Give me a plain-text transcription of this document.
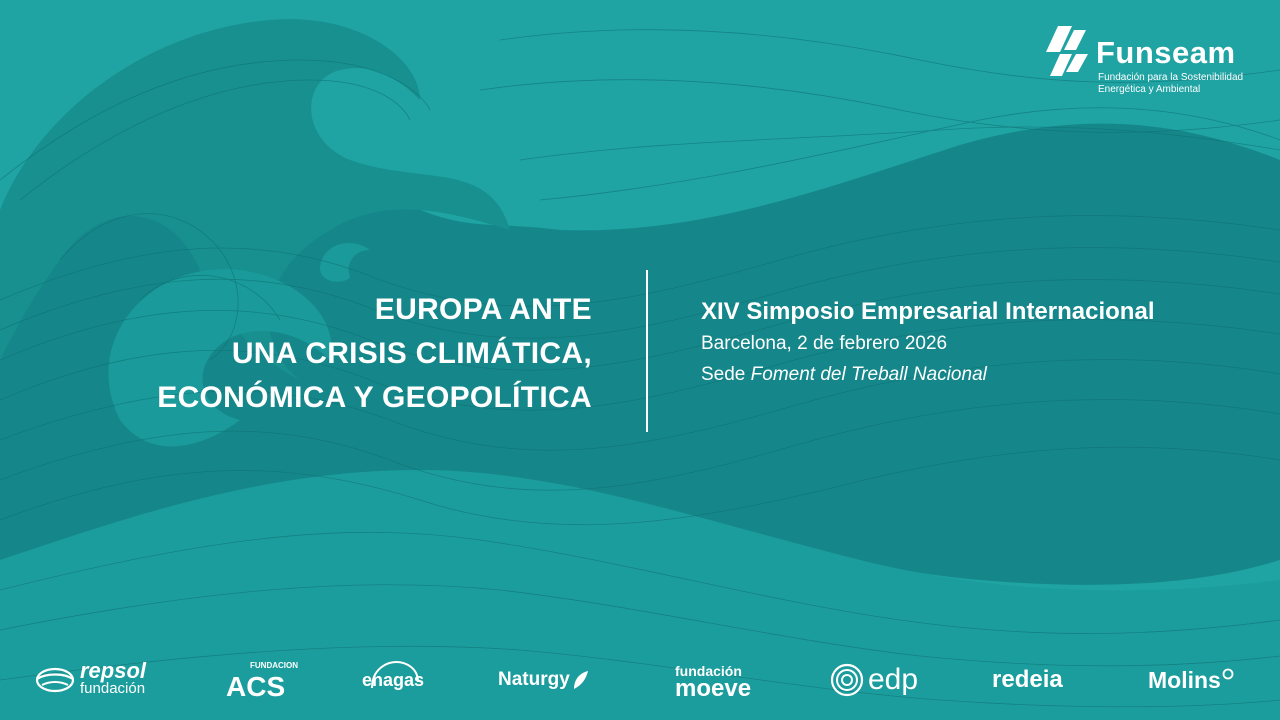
Funseam
Fundación para la Sostenibilidad
Energética y Ambiental
EUROPA ANTE
UNA CRISIS CLIMÁTICA,
ECONÓMICA Y GEOPOLÍTICA
XIV Simposio Empresarial Internacional
Barcelona, 2 de febrero 2026
Sede Foment del Treball Nacional
repsol
fundación
FUNDACION
ACS	enagas	Naturgy	fundación
moeve	edp	redeia	Molins
